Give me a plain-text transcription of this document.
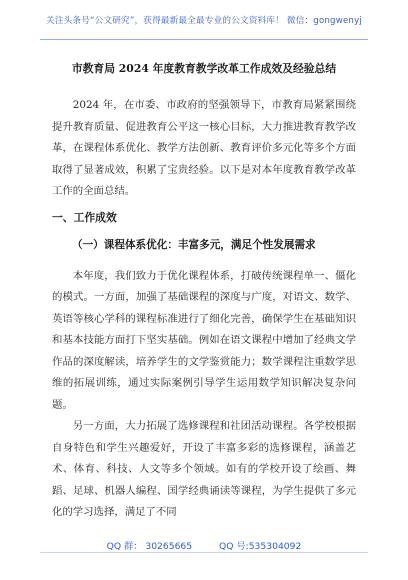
关注头条号“公文研究”，获得最新最全最专业的公文资料库！ 微信：gongwenyj
市教育局 2024 年度教育教学改革工作成效及经验总结

2024 年，在市委、市政府的坚强领导下，市教育局紧紧围绕提升教育质量、促进教育公平这一核心目标，大力推进教育教学改革，在课程体系优化、教学方法创新、教育评价多元化等多个方面取得了显著成效，积累了宝贵经验。以下是对本年度教育教学改革工作的全面总结。

一、工作成效
（一）课程体系优化：丰富多元，满足个性发展需求

本年度，我们致力于优化课程体系，打破传统课程单一、僵化的模式。一方面，加强了基础课程的深度与广度，对语文、数学、英语等核心学科的课程标准进行了细化完善，确保学生在基础知识和基本技能方面打下坚实基础。例如在语文课程中增加了经典文学作品的深度解读，培养学生的文学鉴赏能力；数学课程注重数学思维的拓展训练，通过实际案例引导学生运用数学知识解决复杂问题。

另一方面，大力拓展了选修课程和社团活动课程。各学校根据自身特色和学生兴趣爱好，开设了丰富多彩的选修课程，涵盖艺术、体育、科技、人文等多个领域。如有的学校开设了绘画、舞蹈、足球、机器人编程、国学经典诵读等课程，为学生提供了多元化的学习选择，满足了不同

QQ 群： 30265665	QQ 号:535304092
